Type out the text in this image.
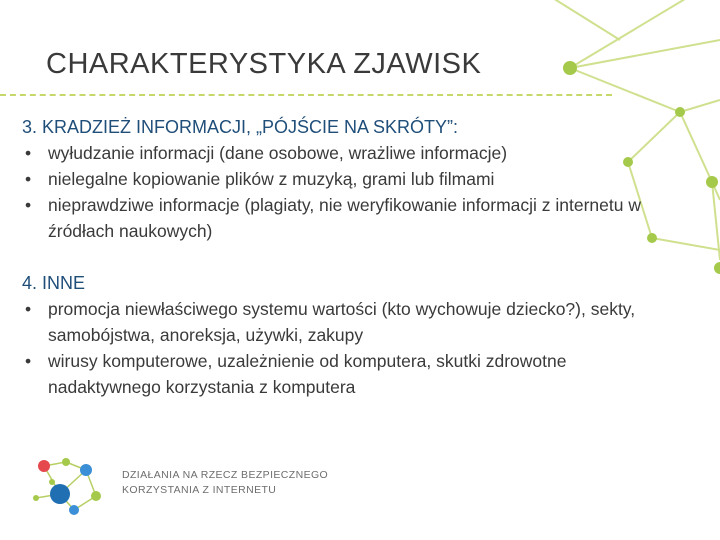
CHARAKTERYSTYKA ZJAWISK

3. KRADZIEŻ INFORMACJI, „PÓJŚCIE NA SKRÓTY”:

• wyłudzanie informacji (dane osobowe, wrażliwe informacje)
• nielegalne kopiowanie plików z muzyką, grami lub filmami
• nieprawdziwe informacje (plagiaty, nie weryfikowanie informacji z internetu w źródłach naukowych)

4. INNE

• promocja niewłaściwego systemu wartości (kto wychowuje dziecko?), sekty, samobójstwa, anoreksja, używki, zakupy
• wirusy komputerowe, uzależnienie od komputera, skutki zdrowotne nadaktywnego korzystania z komputera
DZIAŁANIA NA RZECZ BEZPIECZNEGO
KORZYSTANIA Z INTERNETU
